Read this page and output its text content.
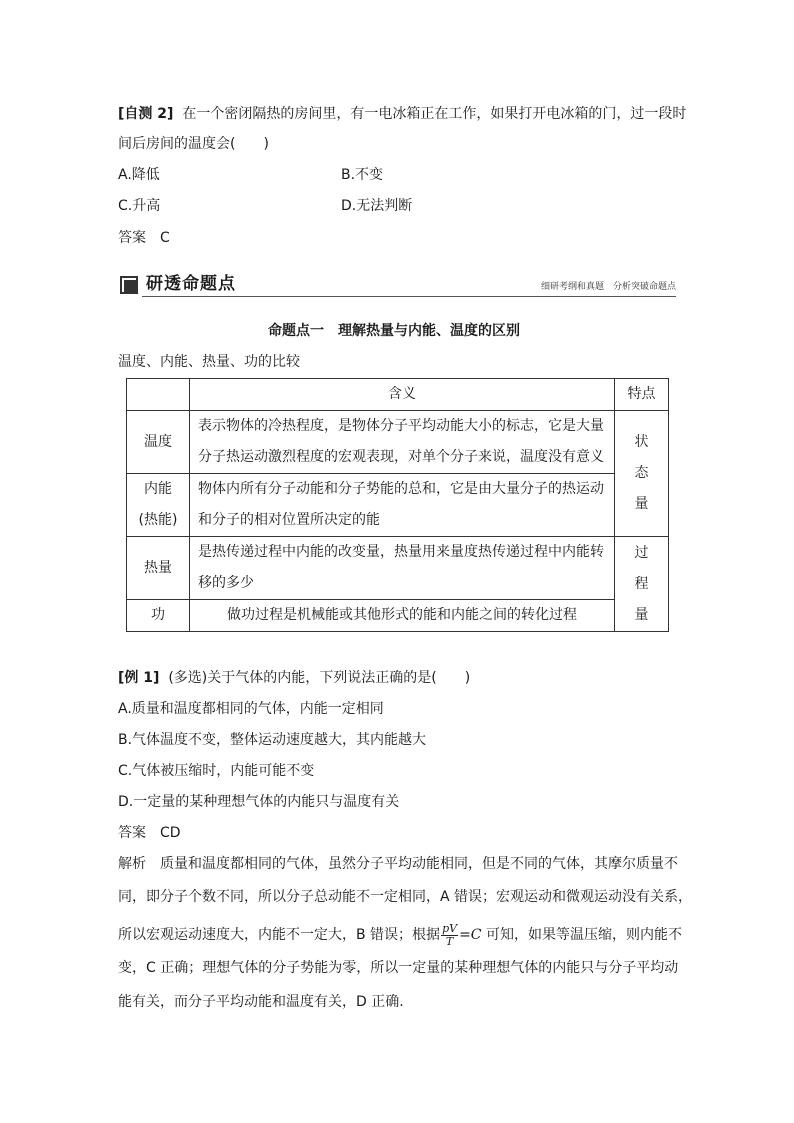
[自测 2] 在一个密闭隔热的房间里，有一电冰箱正在工作，如果打开电冰箱的门，过一段时
间后房间的温度会(　　)
A.降低	B.不变
C.升高	D.无法判断
答案　C
研透命题点	细研考纲和真题　分析突破命题点
命题点一　理解热量与内能、温度的区别
温度、内能、热量、功的比较
	含义	特点
温度	表示物体的冷热程度，是物体分子平均动能大小的标志，它是大量
分子热运动激烈程度的宏观表现，对单个分子来说，温度没有意义	状
态
量

内能
(热能)	物体内所有分子动能和分子势能的总和，它是由大量分子的热运动
和分子的相对位置所决定的能	

热量	是热传递过程中内能的改变量，热量用来量度热传递过程中内能转
移的多少	过
程
量

功	做功过程是机械能或其他形式的能和内能之间的转化过程	
[例 1] (多选)关于气体的内能，下列说法正确的是(　　)
A.质量和温度都相同的气体，内能一定相同
B.气体温度不变，整体运动速度越大，其内能越大
C.气体被压缩时，内能可能不变
D.一定量的某种理想气体的内能只与温度有关
答案　CD
解析　质量和温度都相同的气体，虽然分子平均动能相同，但是不同的气体，其摩尔质量不
同，即分子个数不同，所以分子总动能不一定相同，A 错误；宏观运动和微观运动没有关系，
所以宏观运动速度大，内能不一定大，B 错误；根据 $\frac{pV}{T} =C$ 可知，如果等温压缩，则内能不
变，C 正确；理想气体的分子势能为零，所以一定量的某种理想气体的内能只与分子平均动
能有关，而分子平均动能和温度有关，D 正确.
